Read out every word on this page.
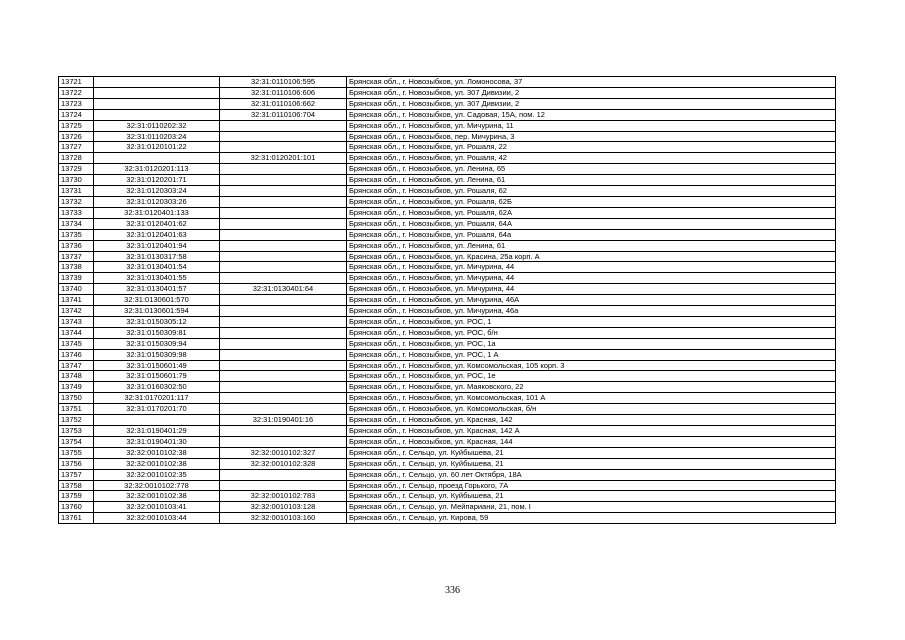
13721		32:31:0110106:595	Брянская обл., г. Новозыбков, ул. Ломоносова, 37
13722		32:31:0110106:606	Брянская обл., г. Новозыбков, ул. 307 Дивизии, 2
13723		32:31:0110106:662	Брянская обл., г. Новозыбков, ул. 307 Дивизии, 2
13724		32:31:0110106:704	Брянская обл., г. Новозыбков, ул. Садовая, 15А, пом. 12
13725	32:31:0110202:32		Брянская обл., г. Новозыбков, ул. Мичурина, 11
13726	32:31:0110203:24		Брянская обл., г. Новозыбков, пер. Мичурина, 3
13727	32:31:0120101:22		Брянская обл., г. Новозыбков, ул. Рошаля, 22
13728		32:31:0120201:101	Брянская обл., г. Новозыбков, ул. Рошаля, 42
13729	32:31:0120201:113		Брянская обл., г. Новозыбков, ул. Ленина, 65
13730	32:31:0120201:71		Брянская обл., г. Новозыбков, ул. Ленина, 61
13731	32:31:0120303:24		Брянская обл., г. Новозыбков, ул. Рошаля, 62
13732	32:31:0120303:26		Брянская обл., г. Новозыбков, ул. Рошаля, 62Б
13733	32:31:0120401:133		Брянская обл., г. Новозыбков, ул. Рошаля, 62А
13734	32:31:0120401:62		Брянская обл., г. Новозыбков, ул. Рошаля, 64А
13735	32:31:0120401:63		Брянская обл., г. Новозыбков, ул. Рошаля, 64а
13736	32:31:0120401:94		Брянская обл., г. Новозыбков, ул. Ленина, 61
13737	32:31:0130317:58		Брянская обл., г. Новозыбков, ул. Красина, 25а корп. А
13738	32:31:0130401:54		Брянская обл., г. Новозыбков, ул. Мичурина, 44
13739	32:31:0130401:55		Брянская обл., г. Новозыбков, ул. Мичурина, 44
13740	32:31:0130401:57	32:31:0130401:64	Брянская обл., г. Новозыбков, ул. Мичурина, 44
13741	32:31:0130601:570		Брянская обл., г. Новозыбков, ул. Мичурина, 46А
13742	32:31:0130601:594		Брянская обл., г. Новозыбков, ул. Мичурина, 46а
13743	32:31:0150305:12		Брянская обл., г. Новозыбков, ул. РОС, 1
13744	32:31:0150309:81		Брянская обл., г. Новозыбков, ул. РОС, б/н
13745	32:31:0150309:94		Брянская обл., г. Новозыбков, ул. РОС, 1а
13746	32:31:0150309:98		Брянская обл., г. Новозыбков, ул. РОС, 1 А
13747	32:31:0150601:49		Брянская обл., г. Новозыбков, ул. Комсомольская, 105 корп. 3
13748	32:31:0150601:79		Брянская обл., г. Новозыбков, ул. РОС, 1е
13749	32:31:0160302:50		Брянская обл., г. Новозыбков, ул. Маяковского, 22
13750	32:31:0170201:117		Брянская обл., г. Новозыбков, ул. Комсомольская, 101 А
13751	32:31:0170201:70		Брянская обл., г. Новозыбков, ул. Комсомольская, б/н
13752		32:31:0190401:16	Брянская обл., г. Новозыбков, ул. Красная, 142
13753	32:31:0190401:29		Брянская обл., г. Новозыбков, ул. Красная, 142 А
13754	32:31:0190401:30		Брянская обл., г. Новозыбков, ул. Красная, 144
13755	32:32:0010102:38	32:32:0010102:327	Брянская обл., г. Сельцо, ул. Куйбышева, 21
13756	32:32:0010102:38	32:32:0010102:328	Брянская обл., г. Сельцо, ул. Куйбышева, 21
13757	32:32:0010102:35		Брянская обл., г. Сельцо, ул. 60 лет Октября, 18А
13758	32:32:0010102:778		Брянская обл., г. Сельцо, проезд Горького, 7А
13759	32:32:0010102:38	32:32:0010102:783	Брянская обл., г. Сельцо, ул. Куйбышева, 21
13760	32:32:0010103:41	32:32:0010103:128	Брянская обл., г. Сельцо, ул. Мейпариани, 21, пом. I
13761	32:32:0010103:44	32:32:0010103:160	Брянская обл., г. Сельцо, ул. Кирова, 59
336
